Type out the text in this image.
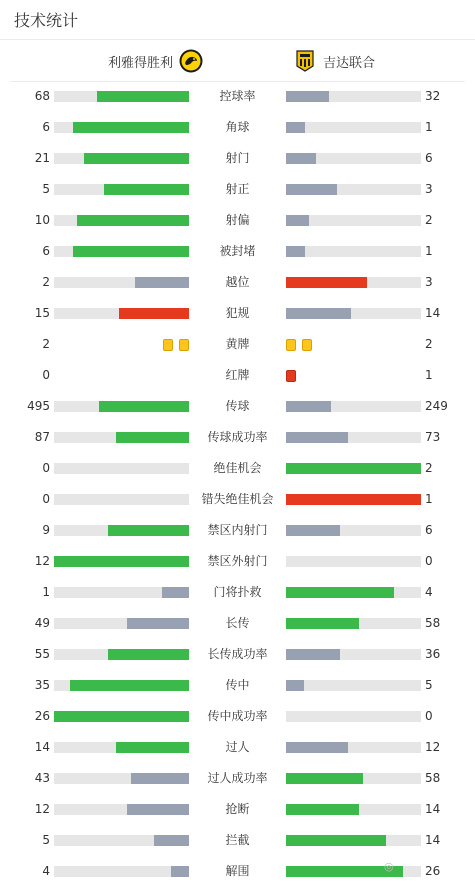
技术统计
利雅得胜利	吉达联合
68	控球率	32
6	角球	1
21	射门	6
5	射正	3
10	射偏	2
6	被封堵	1
2	越位	3
15	犯规	14
2	黄牌	2
0	红牌	1
495	传球	249
87	传球成功率	73
0	绝佳机会	2
0	错失绝佳机会	1
9	禁区内射门	6
12	禁区外射门	0
1	门将扑救	4
49	长传	58
55	长传成功率	36
35	传中	5
26	传中成功率	0
14	过人	12
43	过人成功率	58
12	抢断	14
5	拦截	14
4	解围	26
◎
